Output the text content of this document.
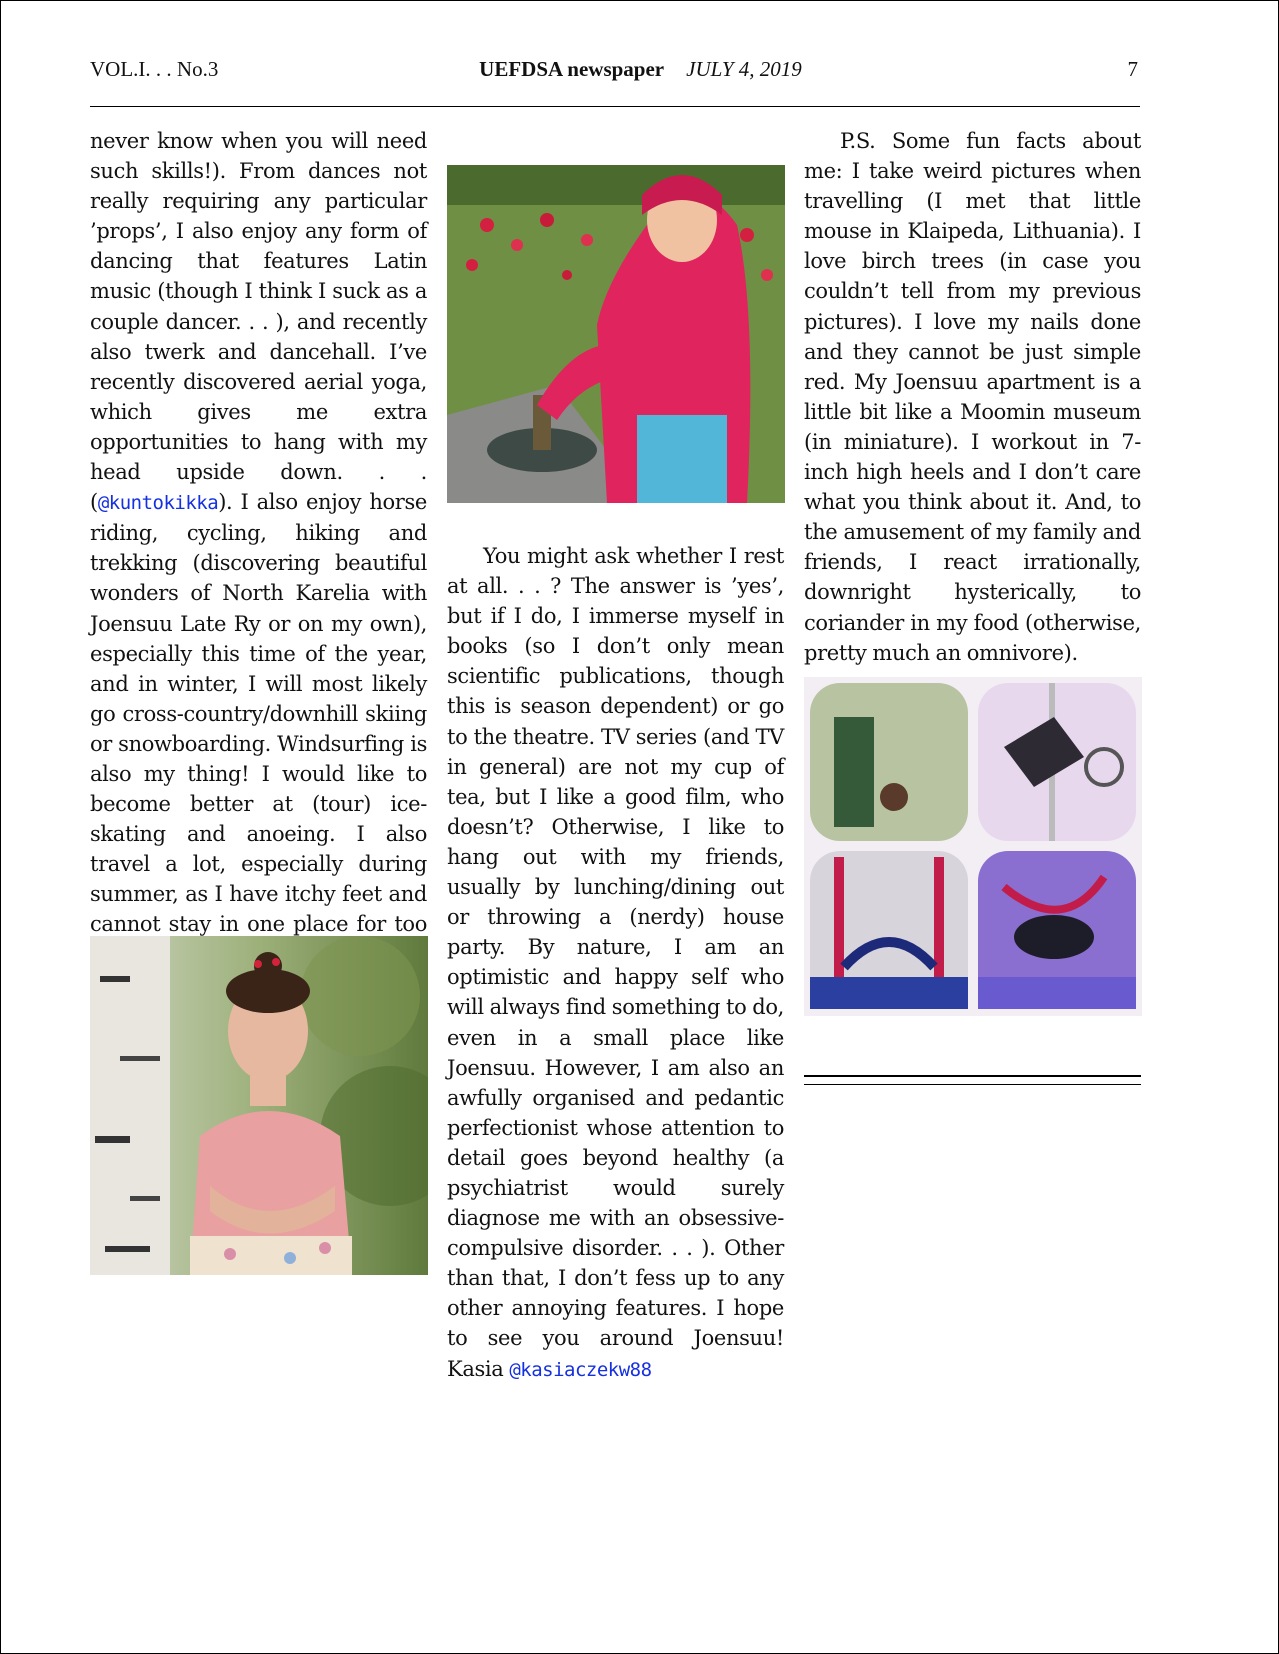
VOL.I. . . No.3	UEFDSA newspaper JULY 4, 2019	7

never know when you will need such skills!). From dances not really requiring any particular ’props’, I also enjoy any form of dancing that features Latin music (though I think I suck as a couple dancer. . . ), and recently also twerk and dancehall. I’ve recently discovered aerial yoga, which gives me extra opportunities to hang with my head upside down. . . (@kuntokikka). I also enjoy horse riding, cycling, hiking and trekking (discovering beautiful wonders of North Karelia with Joensuu Late Ry or on my own), especially this time of the year, and in winter, I will most likely go cross-country/downhill skiing or snowboarding. Windsurfing is also my thing! I would like to become better at (tour) ice-skating and anoeing. I also travel a lot, especially during summer, as I have itchy feet and cannot stay in one place for too

You might ask whether I rest at all. . . ? The answer is ’yes’, but if I do, I immerse myself in books (so I don’t only mean scientific publications, though this is season dependent) or go to the theatre. TV series (and TV in general) are not my cup of tea, but I like a good film, who doesn’t? Otherwise, I like to hang out with my friends, usually by lunching/dining out or throwing a (nerdy) house party. By nature, I am an optimistic and happy self who will always find something to do, even in a small place like Joensuu. However, I am also an awfully organised and pedantic perfectionist whose attention to detail goes beyond healthy (a psychiatrist would surely diagnose me with an obsessive-compulsive disorder. . . ). Other than that, I don’t fess up to any other annoying features. I hope to see you around Joensuu! Kasia @kasiaczekw88

P.S. Some fun facts about me: I take weird pictures when travelling (I met that little mouse in Klaipeda, Lithuania). I love birch trees (in case you couldn’t tell from my previous pictures). I love my nails done and they cannot be just simple red. My Joensuu apartment is a little bit like a Moomin museum (in miniature). I workout in 7-inch high heels and I don’t care what you think about it. And, to the amusement of my family and friends, I react irrationally, downright hysterically, to coriander in my food (otherwise, pretty much an omnivore).
